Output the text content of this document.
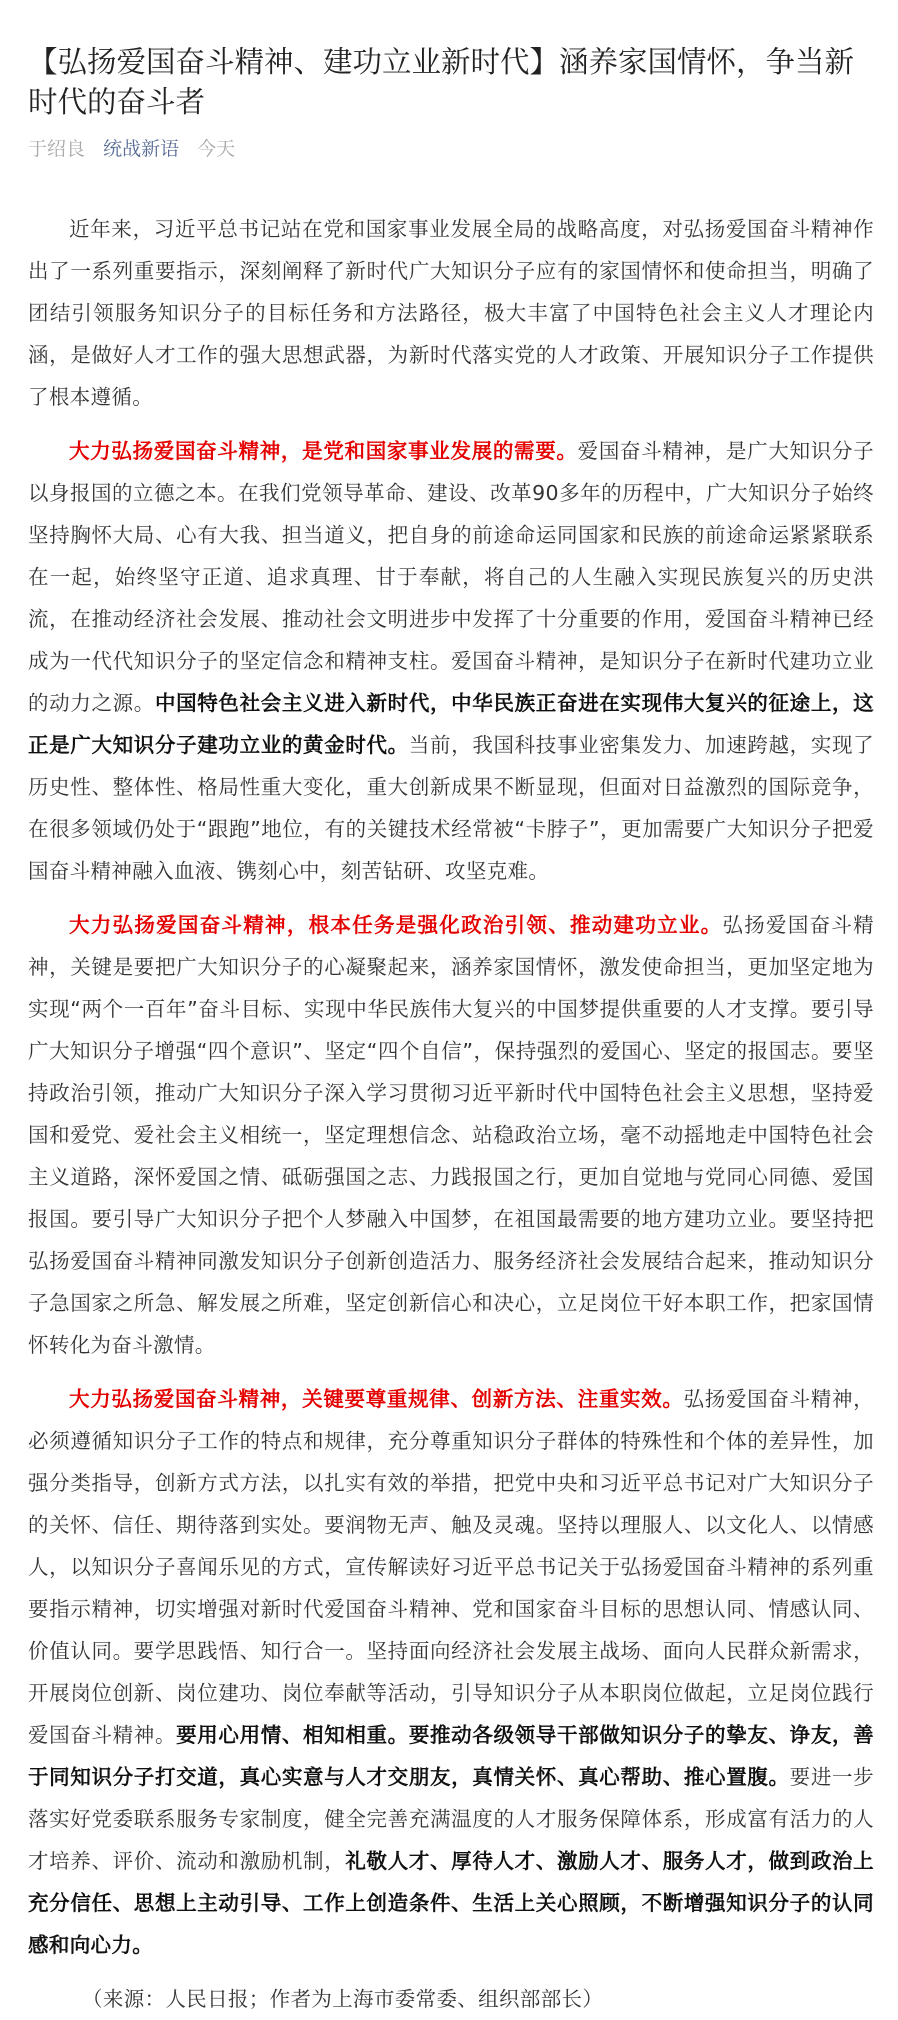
【弘扬爱国奋斗精神、建功立业新时代】涵养家国情怀，争当新时代的奋斗者
于绍良 统战新语 今天

近年来，习近平总书记站在党和国家事业发展全局的战略高度，对弘扬爱国奋斗精神作出了一系列重要指示，深刻阐释了新时代广大知识分子应有的家国情怀和使命担当，明确了团结引领服务知识分子的目标任务和方法路径，极大丰富了中国特色社会主义人才理论内涵，是做好人才工作的强大思想武器，为新时代落实党的人才政策、开展知识分子工作提供了根本遵循。

大力弘扬爱国奋斗精神，是党和国家事业发展的需要。爱国奋斗精神，是广大知识分子以身报国的立德之本。在我们党领导革命、建设、改革90多年的历程中，广大知识分子始终坚持胸怀大局、心有大我、担当道义，把自身的前途命运同国家和民族的前途命运紧紧联系在一起，始终坚守正道、追求真理、甘于奉献，将自己的人生融入实现民族复兴的历史洪流，在推动经济社会发展、推动社会文明进步中发挥了十分重要的作用，爱国奋斗精神已经成为一代代知识分子的坚定信念和精神支柱。爱国奋斗精神，是知识分子在新时代建功立业的动力之源。中国特色社会主义进入新时代，中华民族正奋进在实现伟大复兴的征途上，这正是广大知识分子建功立业的黄金时代。当前，我国科技事业密集发力、加速跨越，实现了历史性、整体性、格局性重大变化，重大创新成果不断显现，但面对日益激烈的国际竞争，在很多领域仍处于“跟跑”地位，有的关键技术经常被“卡脖子”，更加需要广大知识分子把爱国奋斗精神融入血液、镌刻心中，刻苦钻研、攻坚克难。

大力弘扬爱国奋斗精神，根本任务是强化政治引领、推动建功立业。弘扬爱国奋斗精神，关键是要把广大知识分子的心凝聚起来，涵养家国情怀，激发使命担当，更加坚定地为实现“两个一百年”奋斗目标、实现中华民族伟大复兴的中国梦提供重要的人才支撑。要引导广大知识分子增强“四个意识”、坚定“四个自信”，保持强烈的爱国心、坚定的报国志。要坚持政治引领，推动广大知识分子深入学习贯彻习近平新时代中国特色社会主义思想，坚持爱国和爱党、爱社会主义相统一，坚定理想信念、站稳政治立场，毫不动摇地走中国特色社会主义道路，深怀爱国之情、砥砺强国之志、力践报国之行，更加自觉地与党同心同德、爱国报国。要引导广大知识分子把个人梦融入中国梦，在祖国最需要的地方建功立业。要坚持把弘扬爱国奋斗精神同激发知识分子创新创造活力、服务经济社会发展结合起来，推动知识分子急国家之所急、解发展之所难，坚定创新信心和决心，立足岗位干好本职工作，把家国情怀转化为奋斗激情。

大力弘扬爱国奋斗精神，关键要尊重规律、创新方法、注重实效。弘扬爱国奋斗精神，必须遵循知识分子工作的特点和规律，充分尊重知识分子群体的特殊性和个体的差异性，加强分类指导，创新方式方法，以扎实有效的举措，把党中央和习近平总书记对广大知识分子的关怀、信任、期待落到实处。要润物无声、触及灵魂。坚持以理服人、以文化人、以情感人，以知识分子喜闻乐见的方式，宣传解读好习近平总书记关于弘扬爱国奋斗精神的系列重要指示精神，切实增强对新时代爱国奋斗精神、党和国家奋斗目标的思想认同、情感认同、价值认同。要学思践悟、知行合一。坚持面向经济社会发展主战场、面向人民群众新需求，开展岗位创新、岗位建功、岗位奉献等活动，引导知识分子从本职岗位做起，立足岗位践行爱国奋斗精神。要用心用情、相知相重。要推动各级领导干部做知识分子的挚友、诤友，善于同知识分子打交道，真心实意与人才交朋友，真情关怀、真心帮助、推心置腹。要进一步落实好党委联系服务专家制度，健全完善充满温度的人才服务保障体系，形成富有活力的人才培养、评价、流动和激励机制，礼敬人才、厚待人才、激励人才、服务人才，做到政治上充分信任、思想上主动引导、工作上创造条件、生活上关心照顾，不断增强知识分子的认同感和向心力。

（来源：人民日报；作者为上海市委常委、组织部部长）
